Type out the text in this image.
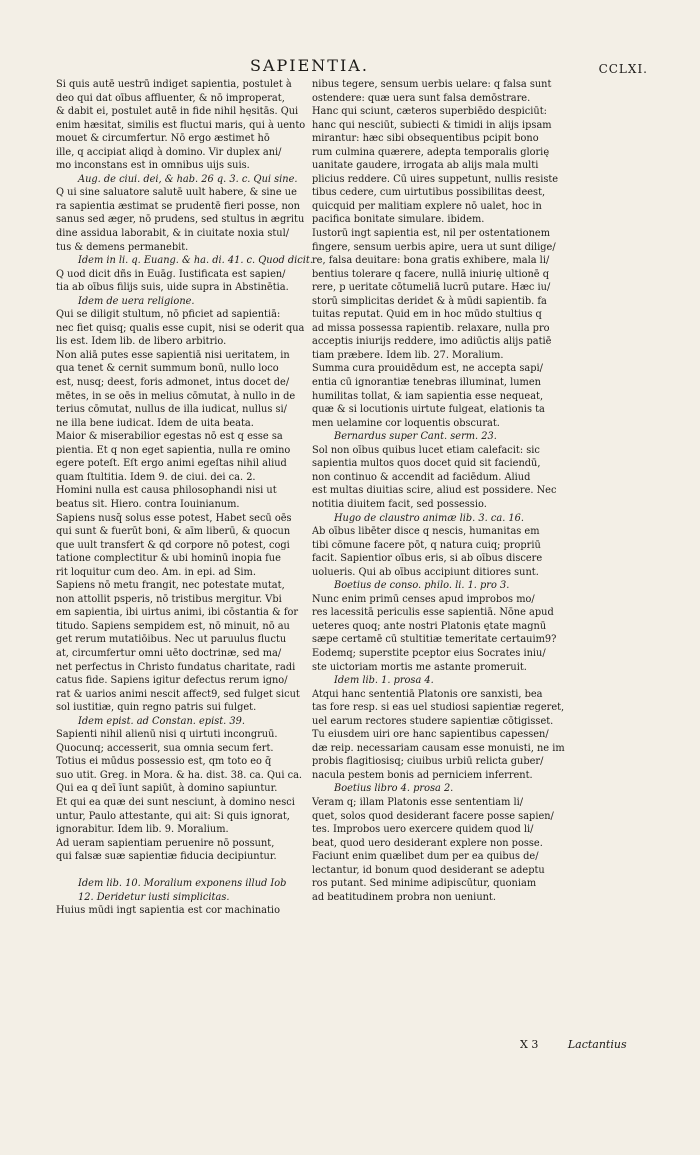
SAPIENTIA.	CCLXI.
Si quis autē uestrū indiget sapientia, postulet à
deo qui dat oībus affluenter, & nō improperat,
& dabit ei, postulet autē in fide nihil hęsitās. Qui
enim hæsitat, similis est fluctui maris, qui à uento
mouet & circumfertur. Nō ergo æstimet hō
ille, q accipiat aliqd à domino. Vir duplex ani/
mo inconstans est in omnibus uijs suis.
Aug. de ciui. dei, & hab. 26 q. 3. c. Qui sine.
Q ui sine saluatore salutē uult habere, & sine ue
ra sapientia æstimat se prudentē fieri posse, non
sanus sed æger, nō prudens, sed stultus in ægritu
dine assidua laborabit, & in ciuitate noxia stul/
tus & demens permanebit.
Idem in li. q. Euang. & ha. di. 41. c. Quod dicit.
Q uod dicit dñs in Euāg. Iustificata est sapien/
tia ab oībus filijs suis, uide supra in Abstinētia.
Idem de uera religione.
Qui se diligit stultum, nō pficiet ad sapientiā:
nec fiet quisq; qualis esse cupit, nisi se oderit qua
lis est. Idem lib. de libero arbitrio.
Non aliā putes esse sapientiā nisi ueritatem, in
qua tenet & cernit summum bonū, nullo loco
est, nusq; deest, foris admonet, intus docet de/
mētes, in se oēs in melius cōmutat, à nullo in de
terius cōmutat, nullus de illa iudicat, nullus si/
ne illa bene iudicat. Idem de uita beata.
Maior & miserabilior egestas nō est q esse sa
pientia. Et q non eget sapientia, nulla re omino
egere poteſt. Eſt ergo animi egeſtas nihil aliud
quam ſtultitia. Idem 9. de ciui. dei ca. 2.
Homini nulla est causa philosophandi nisi ut
beatus sit. Hiero. contra Iouinianum.
Sapiens nusq̄ solus esse potest, Habet secū oēs
qui sunt & fuerūt boni, & aīm liberū, & quocun
que uult transfert & qd corpore nō potest, cogi
tatione complectitur & ubi hominū inopia fue
rit loquitur cum deo. Am. in epi. ad Sim.
Sapiens nō metu frangit, nec potestate mutat,
non attollit psperis, nō tristibus mergitur. Vbi
em sapientia, ibi uirtus animi, ibi cōstantia & for
titudo. Sapiens sempidem est, nō minuit, nō au
get rerum mutatiōibus. Nec ut paruulus fluctu
at, circumfertur omni uēto doctrinæ, sed ma/
net perfectus in Christo fundatus charitate, radi
catus fide. Sapiens igitur defectus rerum igno/
rat & uarios animi nescit affect9, sed fulget sicut
sol iustitiæ, quin regno patris sui fulget.
Idem epist. ad Constan. epist. 39.
Sapienti nihil alienū nisi q uirtuti incongruū.
Quocunq; accesserit, sua omnia secum fert.
Totius ei mūdus possessio est, qm toto eo q̄
suo utit. Greg. in Mora. & ha. dist. 38. ca. Qui ca.
Qui ea q deī īunt sapiūt, à domino sapiuntur.
Et qui ea quæ dei sunt nesciunt, à domino nesci
untur, Paulo attestante, qui ait: Si quis ignorat,
ignorabitur. Idem lib. 9. Moralium.
Ad ueram sapientiam peruenire nō possunt,
qui falsæ suæ sapientiæ fiducia decipiuntur.
Idem lib. 10. Moralium exponens illud Iob
12. Deridetur iusti simplicitas.
Huius mūdi ingt sapientia est cor machinatio
nibus tegere, sensum uerbis uelare: q falsa sunt
ostendere: quæ uera sunt falsa demōstrare.
Hanc qui sciunt, cæteros superbiēdo despiciūt:
hanc qui nesciūt, subiecti & timidi in alijs ipsam
mirantur: hæc sibi obsequentibus pcipit bono
rum culmina quærere, adepta temporalis glorię
uanitate gaudere, irrogata ab alijs mala multi
plicius reddere. Cū uires suppetunt, nullis resiste
tibus cedere, cum uirtutibus possibilitas deest,
quicquid per malitiam explere nō ualet, hoc in
pacifica bonitate simulare. ibidem.
Iustorū ingt sapientia est, nil per ostentationem
fingere, sensum uerbis apire, uera ut sunt dilige/
re, falsa deuitare: bona gratis exhibere, mala li/
bentius tolerare q facere, nullā iniurię ultionē q
rere, p ueritate cōtumeliā lucrū putare. Hæc iu/
storū simplicitas deridet & à mūdi sapientib. fa
tuitas reputat. Quid em in hoc mūdo stultius q
ad missa possessa rapientib. relaxare, nulla pro
acceptis iniurijs reddere, imo adiūctis alijs patiē
tiam præbere. Idem lib. 27. Moralium.
Summa cura prouidēdum est, ne accepta sapi/
entia cū ignorantiæ tenebras illuminat, lumen
humilitas tollat, & iam sapientia esse nequeat,
quæ & si locutionis uirtute fulgeat, elationis ta
men uelamine cor loquentis obscurat.
Bernardus super Cant. serm. 23.
Sol non oībus quibus lucet etiam calefacit: sic
sapientia multos quos docet quid sit faciendū,
non continuo & accendit ad faciēdum. Aliud
est multas diuitias scire, aliud est possidere. Nec
notitia diuitem facit, sed possessio.
Hugo de claustro animæ lib. 3. ca. 16.
Ab oībus libēter disce q nescis, humanitas em
tibi cōmune facere pōt, q natura cuiq; propriū
facit. Sapientior oībus eris, si ab oībus discere
uolueris. Qui ab oībus accipiunt ditiores sunt.
Boetius de conso. philo. li. 1. pro 3.
Nunc enim primū censes apud improbos mo/
res lacessitā periculis esse sapientiā. Nōne apud
ueteres quoq; ante nostri Platonis ętate magnū
sæpe certamē cū stultitiæ temeritate certauim9?
Eodemq; superstite pceptor eius Socrates iniu/
ste uictoriam mortis me astante promeruit.
Idem lib. 1. prosa 4.
Atqui hanc sententiā Platonis ore sanxisti, bea
tas fore resp. si eas uel studiosi sapientiæ regeret,
uel earum rectores studere sapientiæ cōtigisset.
Tu eiusdem uiri ore hanc sapientibus capessen/
dæ reip. necessariam causam esse monuisti, ne im
probis flagitiosisq; ciuibus urbiū relicta guber/
nacula pestem bonis ad perniciem inferrent.
Boetius libro 4. prosa 2.
Veram q; illam Platonis esse sententiam li/
quet, solos quod desiderant facere posse sapien/
tes. Improbos uero exercere quidem quod li/
beat, quod uero desiderant explere non posse.
Faciunt enim quælibet dum per ea quibus de/
lectantur, id bonum quod desiderant se adeptu
ros putant. Sed minime adipiscūtur, quoniam
ad beatitudinem probra non ueniunt.
X 3	Lactantius
